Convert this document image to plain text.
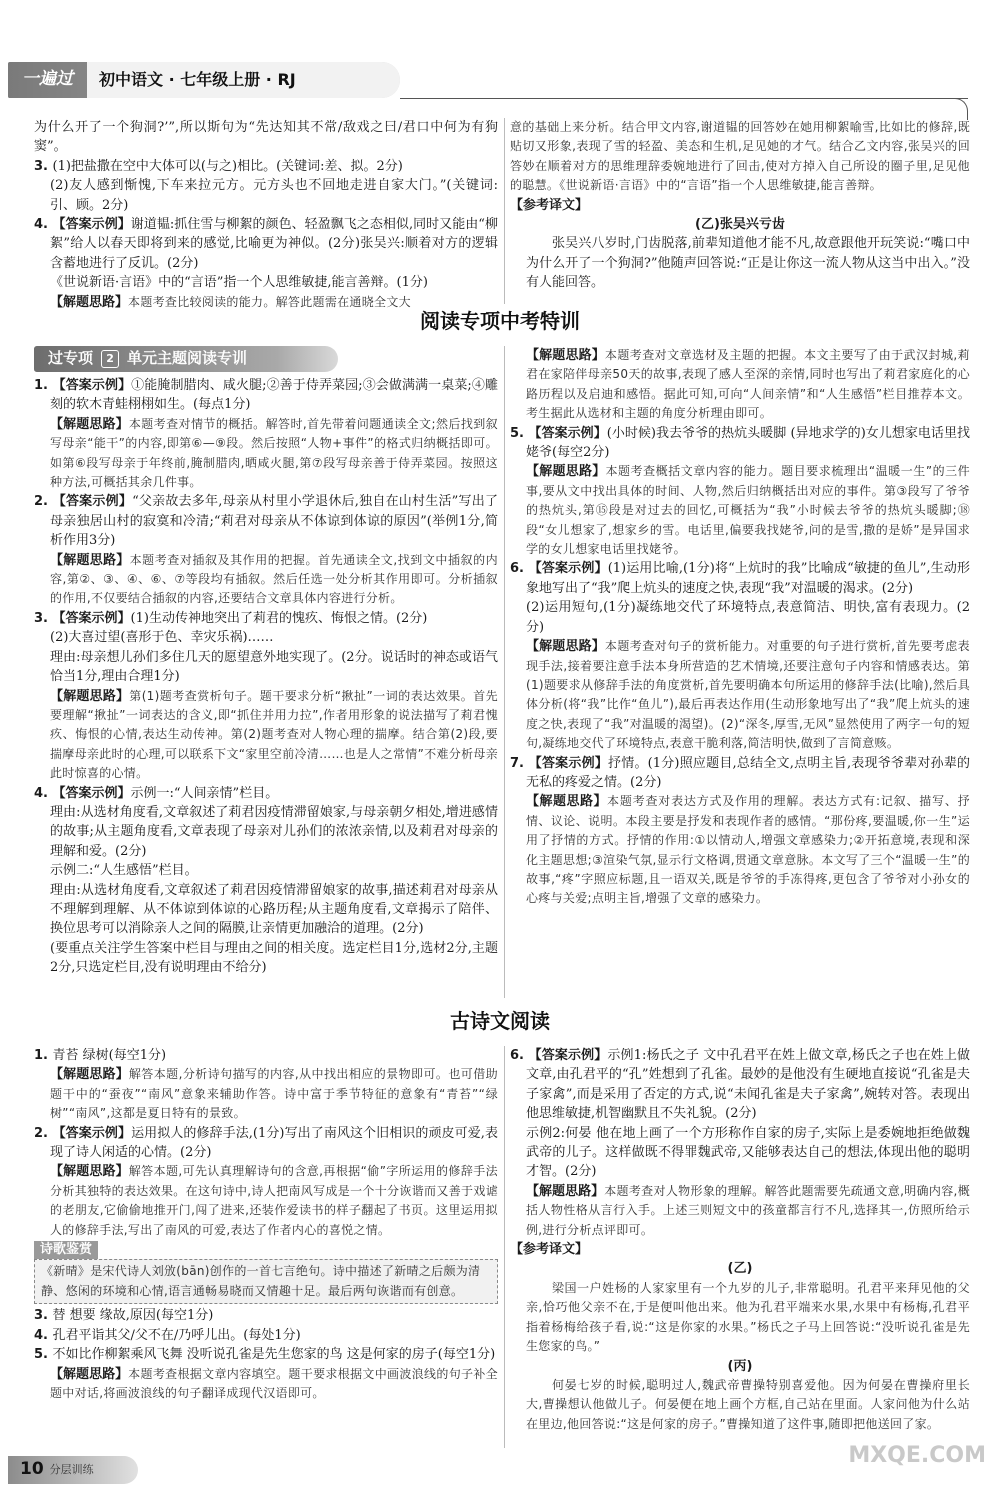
一遍过	初中语文 · 七年级上册 · RJ
为什么开了一个狗洞?’”,所以斯句为“先达知其不常/敌戏之曰/君口中何为有狗窦”。
3. (1)把盐撒在空中大体可以(与之)相比。(关键词:差、拟。2分)
(2)友人感到惭愧,下车来拉元方。元方头也不回地走进自家大门。”(关键词:引、顾。2分)
4. 【答案示例】谢道韫:抓住雪与柳絮的颜色、轻盈飘飞之态相似,同时又能由“柳絮”给人以春天即将到来的感觉,比喻更为神似。(2分)张吴兴:顺着对方的逻辑含蓄地进行了反讥。(2分)
《世说新语·言语》中的“言语”指一个人思维敏捷,能言善辩。(1分)
【解题思路】本题考查比较阅读的能力。解答此题需在通晓全文大
意的基础上来分析。结合甲文内容,谢道韫的回答妙在她用柳絮喻雪,比如比的修辞,既贴切又形象,表现了雪的轻盈、美态和生机,足见她的才气。结合乙文内容,张吴兴的回答妙在顺着对方的思维理辞委婉地进行了回击,使对方掉入自己所设的圈子里,足见他的聪慧。《世说新语·言语》中的“言语”指一个人思维敏捷,能言善辩。
【参考译文】
(乙)张吴兴亏齿
张吴兴八岁时,门齿脱落,前辈知道他才能不凡,故意跟他开玩笑说:“嘴口中为什么开了一个狗洞?”他随声回答说:“正是让你这一流人物从这当中出入。”没有人能回答。
阅读专项中考特训
过专项	2 单元主题阅读专训
1. 【答案示例】①能腌制腊肉、咸火腿;②善于侍弄菜园;③会做满满一桌菜;④雕刻的软木青蛙栩栩如生。(每点1分)
【解题思路】本题考查对情节的概括。解答时,首先带着问题通读全文;然后找到叙写母亲“能干”的内容,即第⑥—⑨段。然后按照“人物+事件”的格式归纳概括即可。如第⑥段写母亲于年终前,腌制腊肉,晒咸火腿,第⑦段写母亲善于侍弄菜园。按照这种方法,可概括其余几件事。
2. 【答案示例】“父亲故去多年,母亲从村里小学退休后,独自在山村生活”写出了母亲独居山村的寂寞和冷清;“莉君对母亲从不体谅到体谅的原因”(举例1分,简析作用3分)
【解题思路】本题考查对插叙及其作用的把握。首先通读全文,找到文中插叙的内容,第②、③、④、⑥、⑦等段均有插叙。然后任选一处分析其作用即可。分析插叙的作用,不仅要结合插叙的内容,还要结合文章具体内容进行分析。
3. 【答案示例】(1)生动传神地突出了莉君的愧疚、悔恨之情。(2分)
(2)大喜过望(喜形于色、幸灾乐祸)……
理由:母亲想儿孙们多住几天的愿望意外地实现了。(2分。说话时的神态或语气恰当1分,理由合理1分)
【解题思路】第(1)题考查赏析句子。题干要求分析“揪扯”一词的表达效果。首先要理解“揪扯”一词表达的含义,即“抓住并用力拉”,作者用形象的说法描写了莉君愧疚、悔恨的心情,表达生动传神。第(2)题考查对人物心理的揣摩。结合第(2)段,要揣摩母亲此时的心理,可以联系下文“家里空前冷清……也是人之常情”不难分析母亲此时惊喜的心情。
4. 【答案示例】示例一:“人间亲情”栏目。
理由:从选材角度看,文章叙述了莉君因疫情滞留娘家,与母亲朝夕相处,增进感情的故事;从主题角度看,文章表现了母亲对儿孙们的浓浓亲情,以及莉君对母亲的理解和爱。(2分)
示例二:“人生感悟”栏目。
理由:从选材角度看,文章叙述了莉君因疫情滞留娘家的故事,描述莉君对母亲从不理解到理解、从不体谅到体谅的心路历程;从主题角度看,文章揭示了陪伴、换位思考可以消除亲人之间的隔膜,让亲情更加融洽的道理。(2分)
(要重点关注学生答案中栏目与理由之间的相关度。选定栏目1分,选材2分,主题2分,只选定栏目,没有说明理由不给分)
【解题思路】本题考查对文章选材及主题的把握。本文主要写了由于武汉封城,莉君在家陪伴母亲50天的故事,表现了感人至深的亲情,同时也写出了莉君家庭化的心路历程以及启迪和感悟。据此可知,可向“人间亲情”和“人生感悟”栏目推荐本文。考生据此从选材和主题的角度分析理由即可。
5. 【答案示例】(小时候)我去爷爷的热炕头暖脚 (异地求学的)女儿想家电话里找姥爷(每空2分)
【解题思路】本题考查概括文章内容的能力。题目要求梳理出“温暖一生”的三件事,要从文中找出具体的时间、人物,然后归纳概括出对应的事件。第③段写了爷爷的热炕头,第⑮段是对过去的回忆,可概括为“我”小时候去爷爷的热炕头暖脚;⑱段“女儿想家了,想家乡的雪。电话里,偏要我找姥爷,问的是雪,撒的是娇”是异国求学的女儿想家电话里找姥爷。
6. 【答案示例】(1)运用比喻,(1分)将“上炕时的我”比喻成“敏捷的鱼儿”,生动形象地写出了“我”爬上炕头的速度之快,表现“我”对温暖的渴求。(2分)
(2)运用短句,(1分)凝练地交代了环境特点,表意简洁、明快,富有表现力。(2分)
【解题思路】本题考查对句子的赏析能力。对重要的句子进行赏析,首先要考虑表现手法,接着要注意手法本身所营造的艺术情境,还要注意句子内容和情感表达。第(1)题要求从修辞手法的角度赏析,首先要明确本句所运用的修辞手法(比喻),然后具体分析(将“我”比作“鱼儿”),最后再表达作用(生动形象地写出了“我”爬上炕头的速度之快,表现了“我”对温暖的渴望)。(2)“深冬,厚雪,无风”显然使用了两字一句的短句,凝练地交代了环境特点,表意干脆利落,简洁明快,做到了言简意赅。
7. 【答案示例】抒情。(1分)照应题目,总结全文,点明主旨,表现爷爷辈对孙辈的无私的疼爱之情。(2分)
【解题思路】本题考查对表达方式及作用的理解。表达方式有:记叙、描写、抒情、议论、说明。本段主要是抒发和表现作者的感情。“那份疼,要温暖,你一生”运用了抒情的方式。抒情的作用:①以情动人,增强文章感染力;②开拓意境,表现和深化主题思想;③渲染气氛,显示行文格调,贯通文章意脉。本文写了三个“温暖一生”的故事,“疼”字照应标题,且一语双关,既是爷爷的手冻得疼,更包含了爷爷对小孙女的心疼与关爱;点明主旨,增强了文章的感染力。
古诗文阅读
1. 青苔 绿树(每空1分)
【解题思路】解答本题,分析诗句描写的内容,从中找出相应的景物即可。也可借助题干中的“蚕夜”“南风”意象来辅助作答。诗中富于季节特征的意象有“青苔”“绿树”“南风”,这都是夏日特有的景致。
2. 【答案示例】运用拟人的修辞手法,(1分)写出了南风这个旧相识的顽皮可爱,表现了诗人闲适的心情。(2分)
【解题思路】解答本题,可先认真理解诗句的含意,再根据“偷”字所运用的修辞手法分析其独特的表达效果。在这句诗中,诗人把南风写成是一个十分诙谐而又善于戏谑的老朋友,它偷偷地推开门,闯了进来,还装作爱读书的样子翻起了书页。这里运用拟人的修辞手法,写出了南风的可爱,表达了作者内心的喜悦之情。
诗歌鉴赏
《新晴》是宋代诗人刘攽(bān)创作的一首七言绝句。诗中描述了新晴之后颇为清静、悠闲的环境和心情,语言通畅易晓而又情趣十足。最后两句诙谐而有创意。
3. 替 想要 缘故,原因(每空1分)
4. 孔君平诣其父/父不在/乃呼儿出。(每处1分)
5. 不如比作柳絮乘风飞舞 没听说孔雀是先生您家的鸟 这是何家的房子(每空1分)
【解题思路】本题考查根据文章内容填空。题干要求根据文中画波浪线的句子补全题中对话,将画波浪线的句子翻译成现代汉语即可。
6. 【答案示例】示例1:杨氏之子 文中孔君平在姓上做文章,杨氏之子也在姓上做文章,由孔君平的“孔”姓想到了孔雀。最妙的是他没有生硬地直接说“孔雀是夫子家禽”,而是采用了否定的方式,说“未闻孔雀是夫子家禽”,婉转对答。表现出他思维敏捷,机智幽默且不失礼貌。(2分)
示例2:何晏 他在地上画了一个方形称作自家的房子,实际上是委婉地拒绝做魏武帝的儿子。这样做既不得罪魏武帝,又能够表达自己的想法,体现出他的聪明才智。(2分)
【解题思路】本题考查对人物形象的理解。解答此题需要先疏通文意,明确内容,概括人物性格从言行入手。上述三则短文中的孩童都言行不凡,选择其一,仿照所给示例,进行分析点评即可。
【参考译文】
(乙)
梁国一户姓杨的人家家里有一个九岁的儿子,非常聪明。孔君平来拜见他的父亲,恰巧他父亲不在,于是便叫他出来。他为孔君平端来水果,水果中有杨梅,孔君平指着杨梅给孩子看,说:“这是你家的水果。”杨氏之子马上回答说:“没听说孔雀是先生您家的鸟。”
(丙)
何晏七岁的时候,聪明过人,魏武帝曹操特别喜爱他。因为何晏在曹操府里长大,曹操想认他做儿子。何晏便在地上画个方框,自己站在里面。人家问他为什么站在里边,他回答说:“这是何家的房子。”曹操知道了这件事,随即把他送回了家。
10 分层训练
MXQE.COM
